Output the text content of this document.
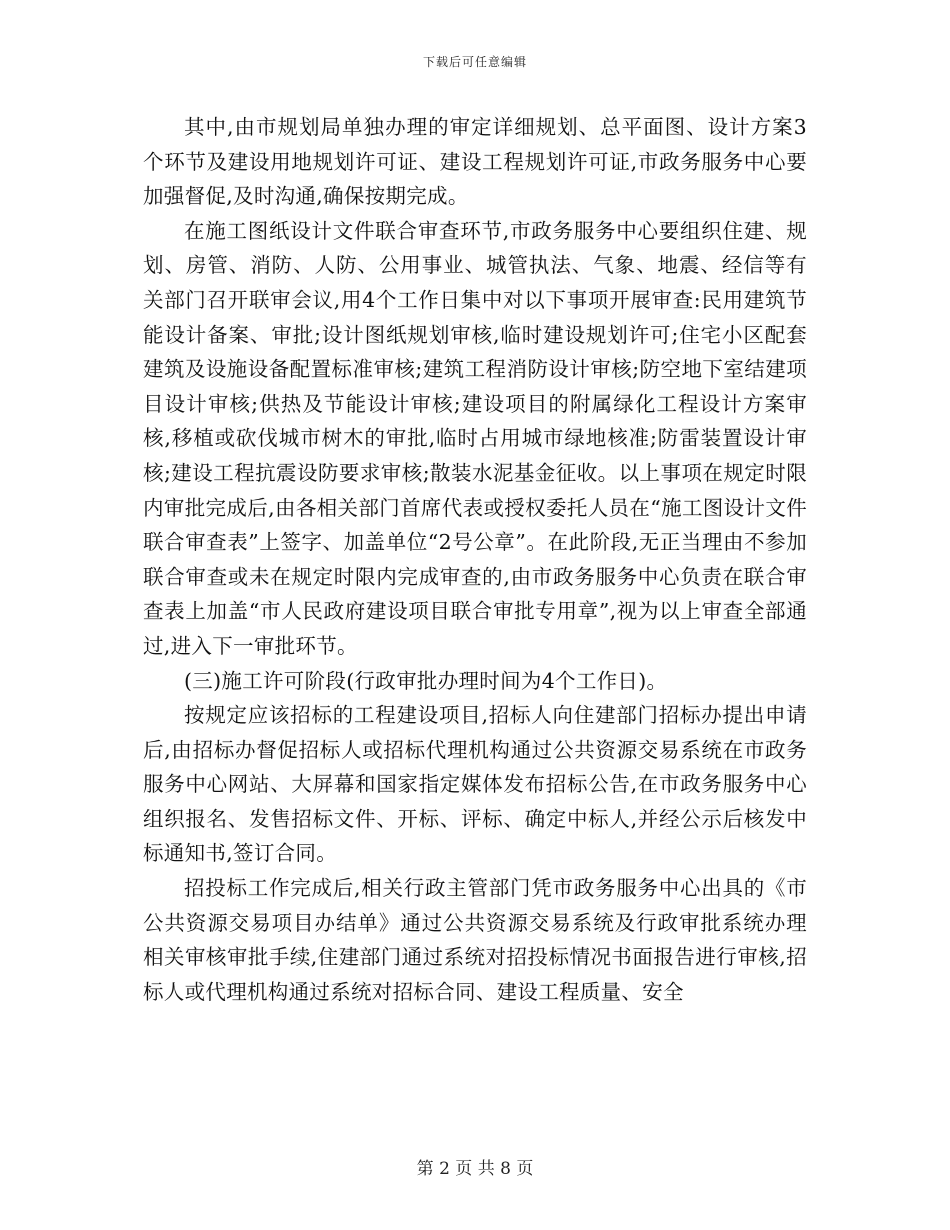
下载后可任意编辑

其中,由市规划局单独办理的审定详细规划、总平面图、设计方案3个环节及建设用地规划许可证、建设工程规划许可证,市政务服务中心要加强督促,及时沟通,确保按期完成。

在施工图纸设计文件联合审查环节,市政务服务中心要组织住建、规划、房管、消防、人防、公用事业、城管执法、气象、地震、经信等有关部门召开联审会议,用4个工作日集中对以下事项开展审查:民用建筑节能设计备案、审批;设计图纸规划审核,临时建设规划许可;住宅小区配套建筑及设施设备配置标准审核;建筑工程消防设计审核;防空地下室结建项目设计审核;供热及节能设计审核;建设项目的附属绿化工程设计方案审核,移植或砍伐城市树木的审批,临时占用城市绿地核准;防雷装置设计审核;建设工程抗震设防要求审核;散装水泥基金征收。以上事项在规定时限内审批完成后,由各相关部门首席代表或授权委托人员在“施工图设计文件联合审查表”上签字、加盖单位“2号公章”。在此阶段,无正当理由不参加联合审查或未在规定时限内完成审查的,由市政务服务中心负责在联合审查表上加盖“市人民政府建设项目联合审批专用章”,视为以上审查全部通过,进入下一审批环节。

(三)施工许可阶段(行政审批办理时间为4个工作日)。

按规定应该招标的工程建设项目,招标人向住建部门招标办提出申请后,由招标办督促招标人或招标代理机构通过公共资源交易系统在市政务服务中心网站、大屏幕和国家指定媒体发布招标公告,在市政务服务中心组织报名、发售招标文件、开标、评标、确定中标人,并经公示后核发中标通知书,签订合同。

招投标工作完成后,相关行政主管部门凭市政务服务中心出具的《市公共资源交易项目办结单》通过公共资源交易系统及行政审批系统办理相关审核审批手续,住建部门通过系统对招投标情况书面报告进行审核,招标人或代理机构通过系统对招标合同、建设工程质量、安全

第 2 页 共 8 页
